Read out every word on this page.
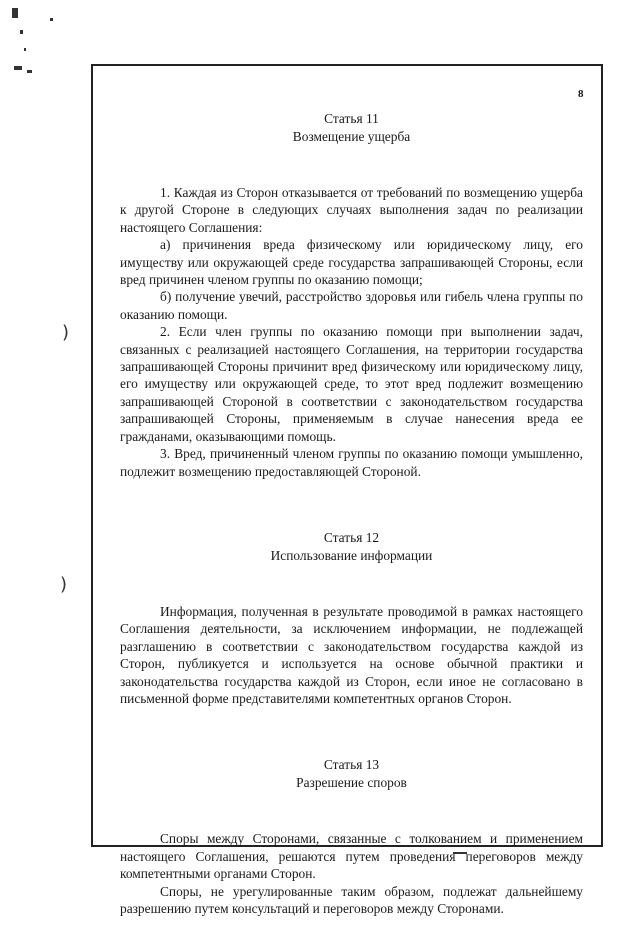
)
)
8
Статья 11
Возмещение ущерба

1. Каждая из Сторон отказывается от требований по возмещению ущерба к другой Стороне в следующих случаях выполнения задач по реализации настоящего Соглашения:

а) причинения вреда физическому или юридическому лицу, его имуществу или окружающей среде государства запрашивающей Стороны, если вред причинен членом группы по оказанию помощи;

б) получение увечий, расстройство здоровья или гибель члена группы по оказанию помощи.

2. Если член группы по оказанию помощи при выполнении задач, связанных с реализацией настоящего Соглашения, на территории государства запрашивающей Стороны причинит вред физическому или юридическому лицу, его имуществу или окружающей среде, то этот вред подлежит возмещению запрашивающей Стороной в соответствии с законодательством государства запрашивающей Стороны, применяемым в случае нанесения вреда ее гражданами, оказывающими помощь.

3. Вред, причиненный членом группы по оказанию помощи умышленно, подлежит возмещению предоставляющей Стороной.

Статья 12
Использование информации

Информация, полученная в результате проводимой в рамках настоящего Соглашения деятельности, за исключением информации, не подлежащей разглашению в соответствии с законодательством государства каждой из Сторон, публикуется и используется на основе обычной практики и законодательства государства каждой из Сторон, если иное не согласовано в письменной форме представителями компетентных органов Сторон.

Статья 13
Разрешение споров

Споры между Сторонами, связанные с толкованием и применением настоящего Соглашения, решаются путем проведения переговоров между компетентными органами Сторон.

Споры, не урегулированные таким образом, подлежат дальнейшему разрешению путем консультаций и переговоров между Сторонами.
